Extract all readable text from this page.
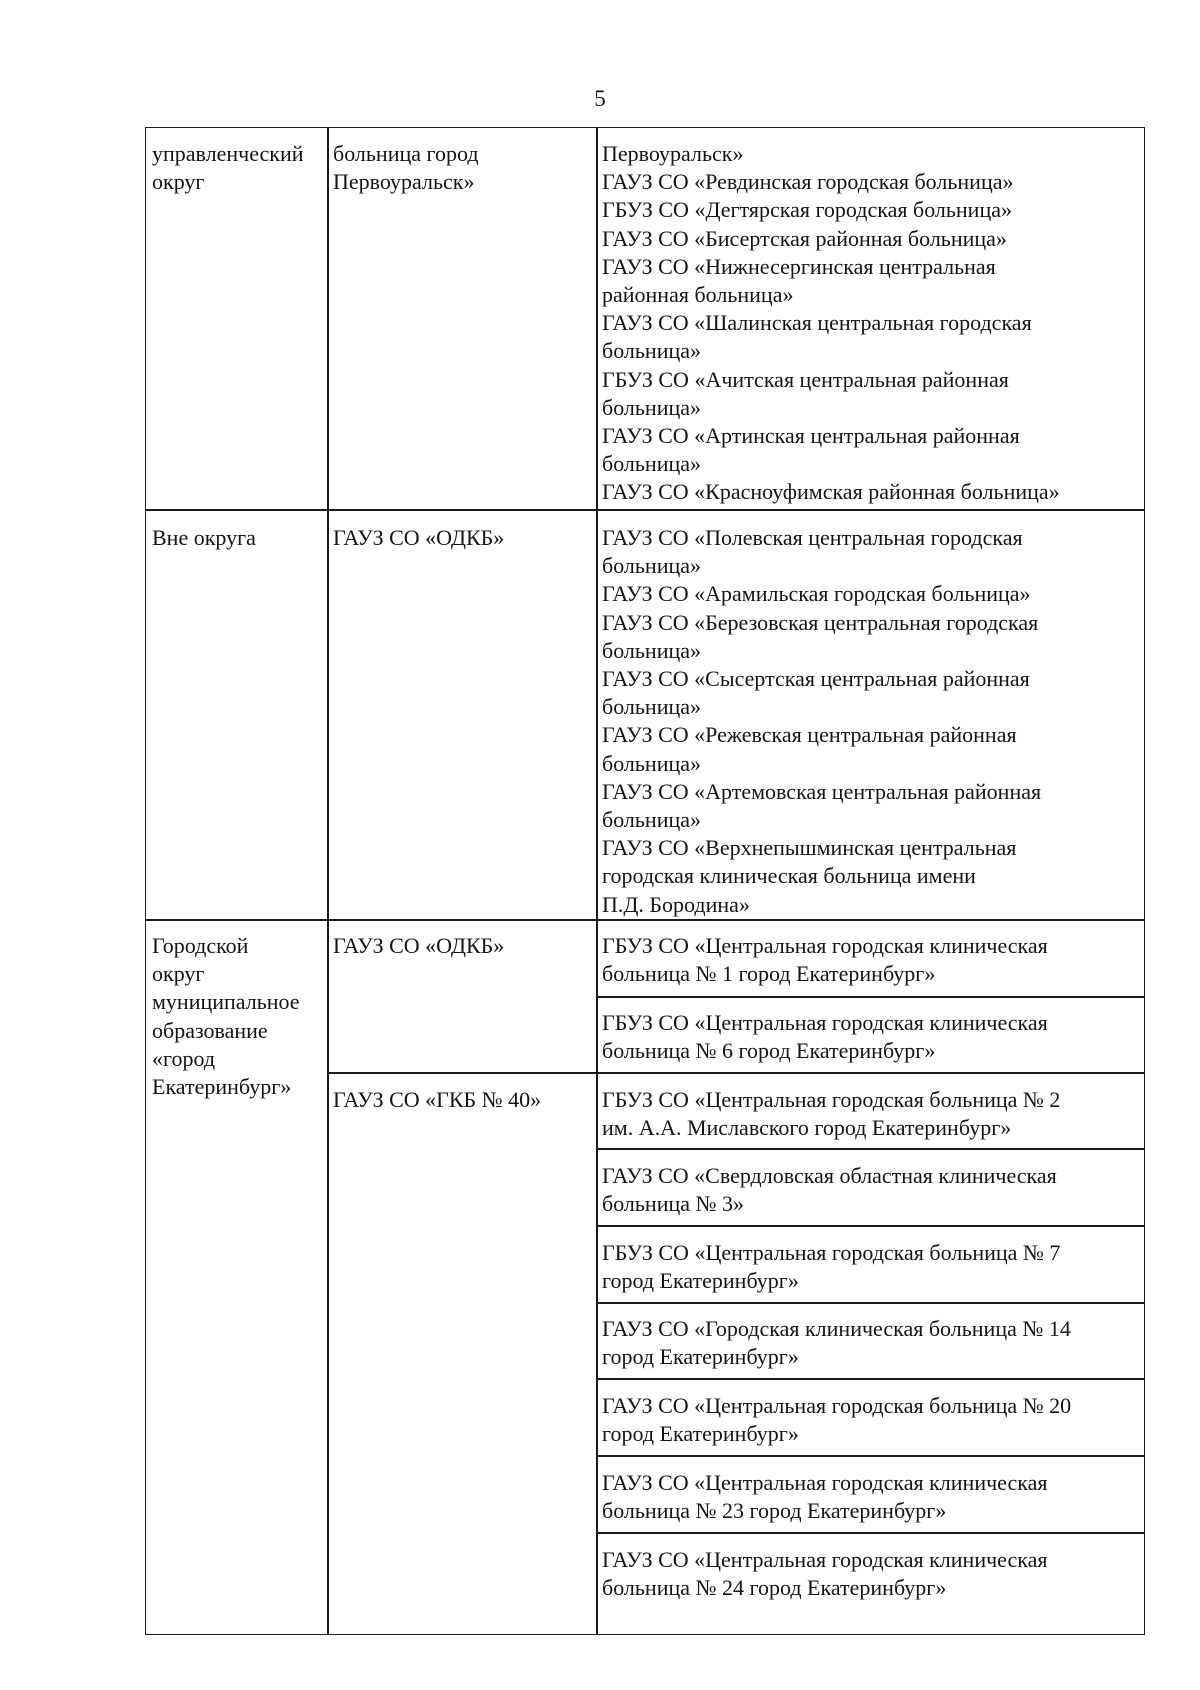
5
управленческий
округ
больница город
Первоуральск»
Первоуральск»
ГАУЗ СО «Ревдинская городская больница»
ГБУЗ СО «Дегтярская городская больница»
ГАУЗ СО «Бисертская районная больница»
ГАУЗ СО «Нижнесергинская центральная
районная больница»
ГАУЗ СО «Шалинская центральная городская
больница»
ГБУЗ СО «Ачитская центральная районная
больница»
ГАУЗ СО «Артинская центральная районная
больница»
ГАУЗ СО «Красноуфимская районная больница»
Вне округа	ГАУЗ СО «ОДКБ»	ГАУЗ СО «Полевская центральная городская
больница»
ГАУЗ СО «Арамильская городская больница»
ГАУЗ СО «Березовская центральная городская
больница»
ГАУЗ СО «Сысертская центральная районная
больница»
ГАУЗ СО «Режевская центральная районная
больница»
ГАУЗ СО «Артемовская центральная районная
больница»
ГАУЗ СО «Верхнепышминская центральная
городская клиническая больница имени
П.Д. Бородина»
Городской
округ
муниципальное
образование
«город
Екатеринбург»
ГАУЗ СО «ОДКБ»
ГАУЗ СО «ГКБ № 40»
ГБУЗ СО «Центральная городская клиническая
больница № 1 город Екатеринбург»
ГБУЗ СО «Центральная городская клиническая
больница № 6 город Екатеринбург»
ГБУЗ СО «Центральная городская больница № 2
им. А.А. Миславского город Екатеринбург»
ГАУЗ СО «Свердловская областная клиническая
больница № 3»
ГБУЗ СО «Центральная городская больница № 7
город Екатеринбург»
ГАУЗ СО «Городская клиническая больница № 14
город Екатеринбург»
ГАУЗ СО «Центральная городская больница № 20
город Екатеринбург»
ГАУЗ СО «Центральная городская клиническая
больница № 23 город Екатеринбург»
ГАУЗ СО «Центральная городская клиническая
больница № 24 город Екатеринбург»
